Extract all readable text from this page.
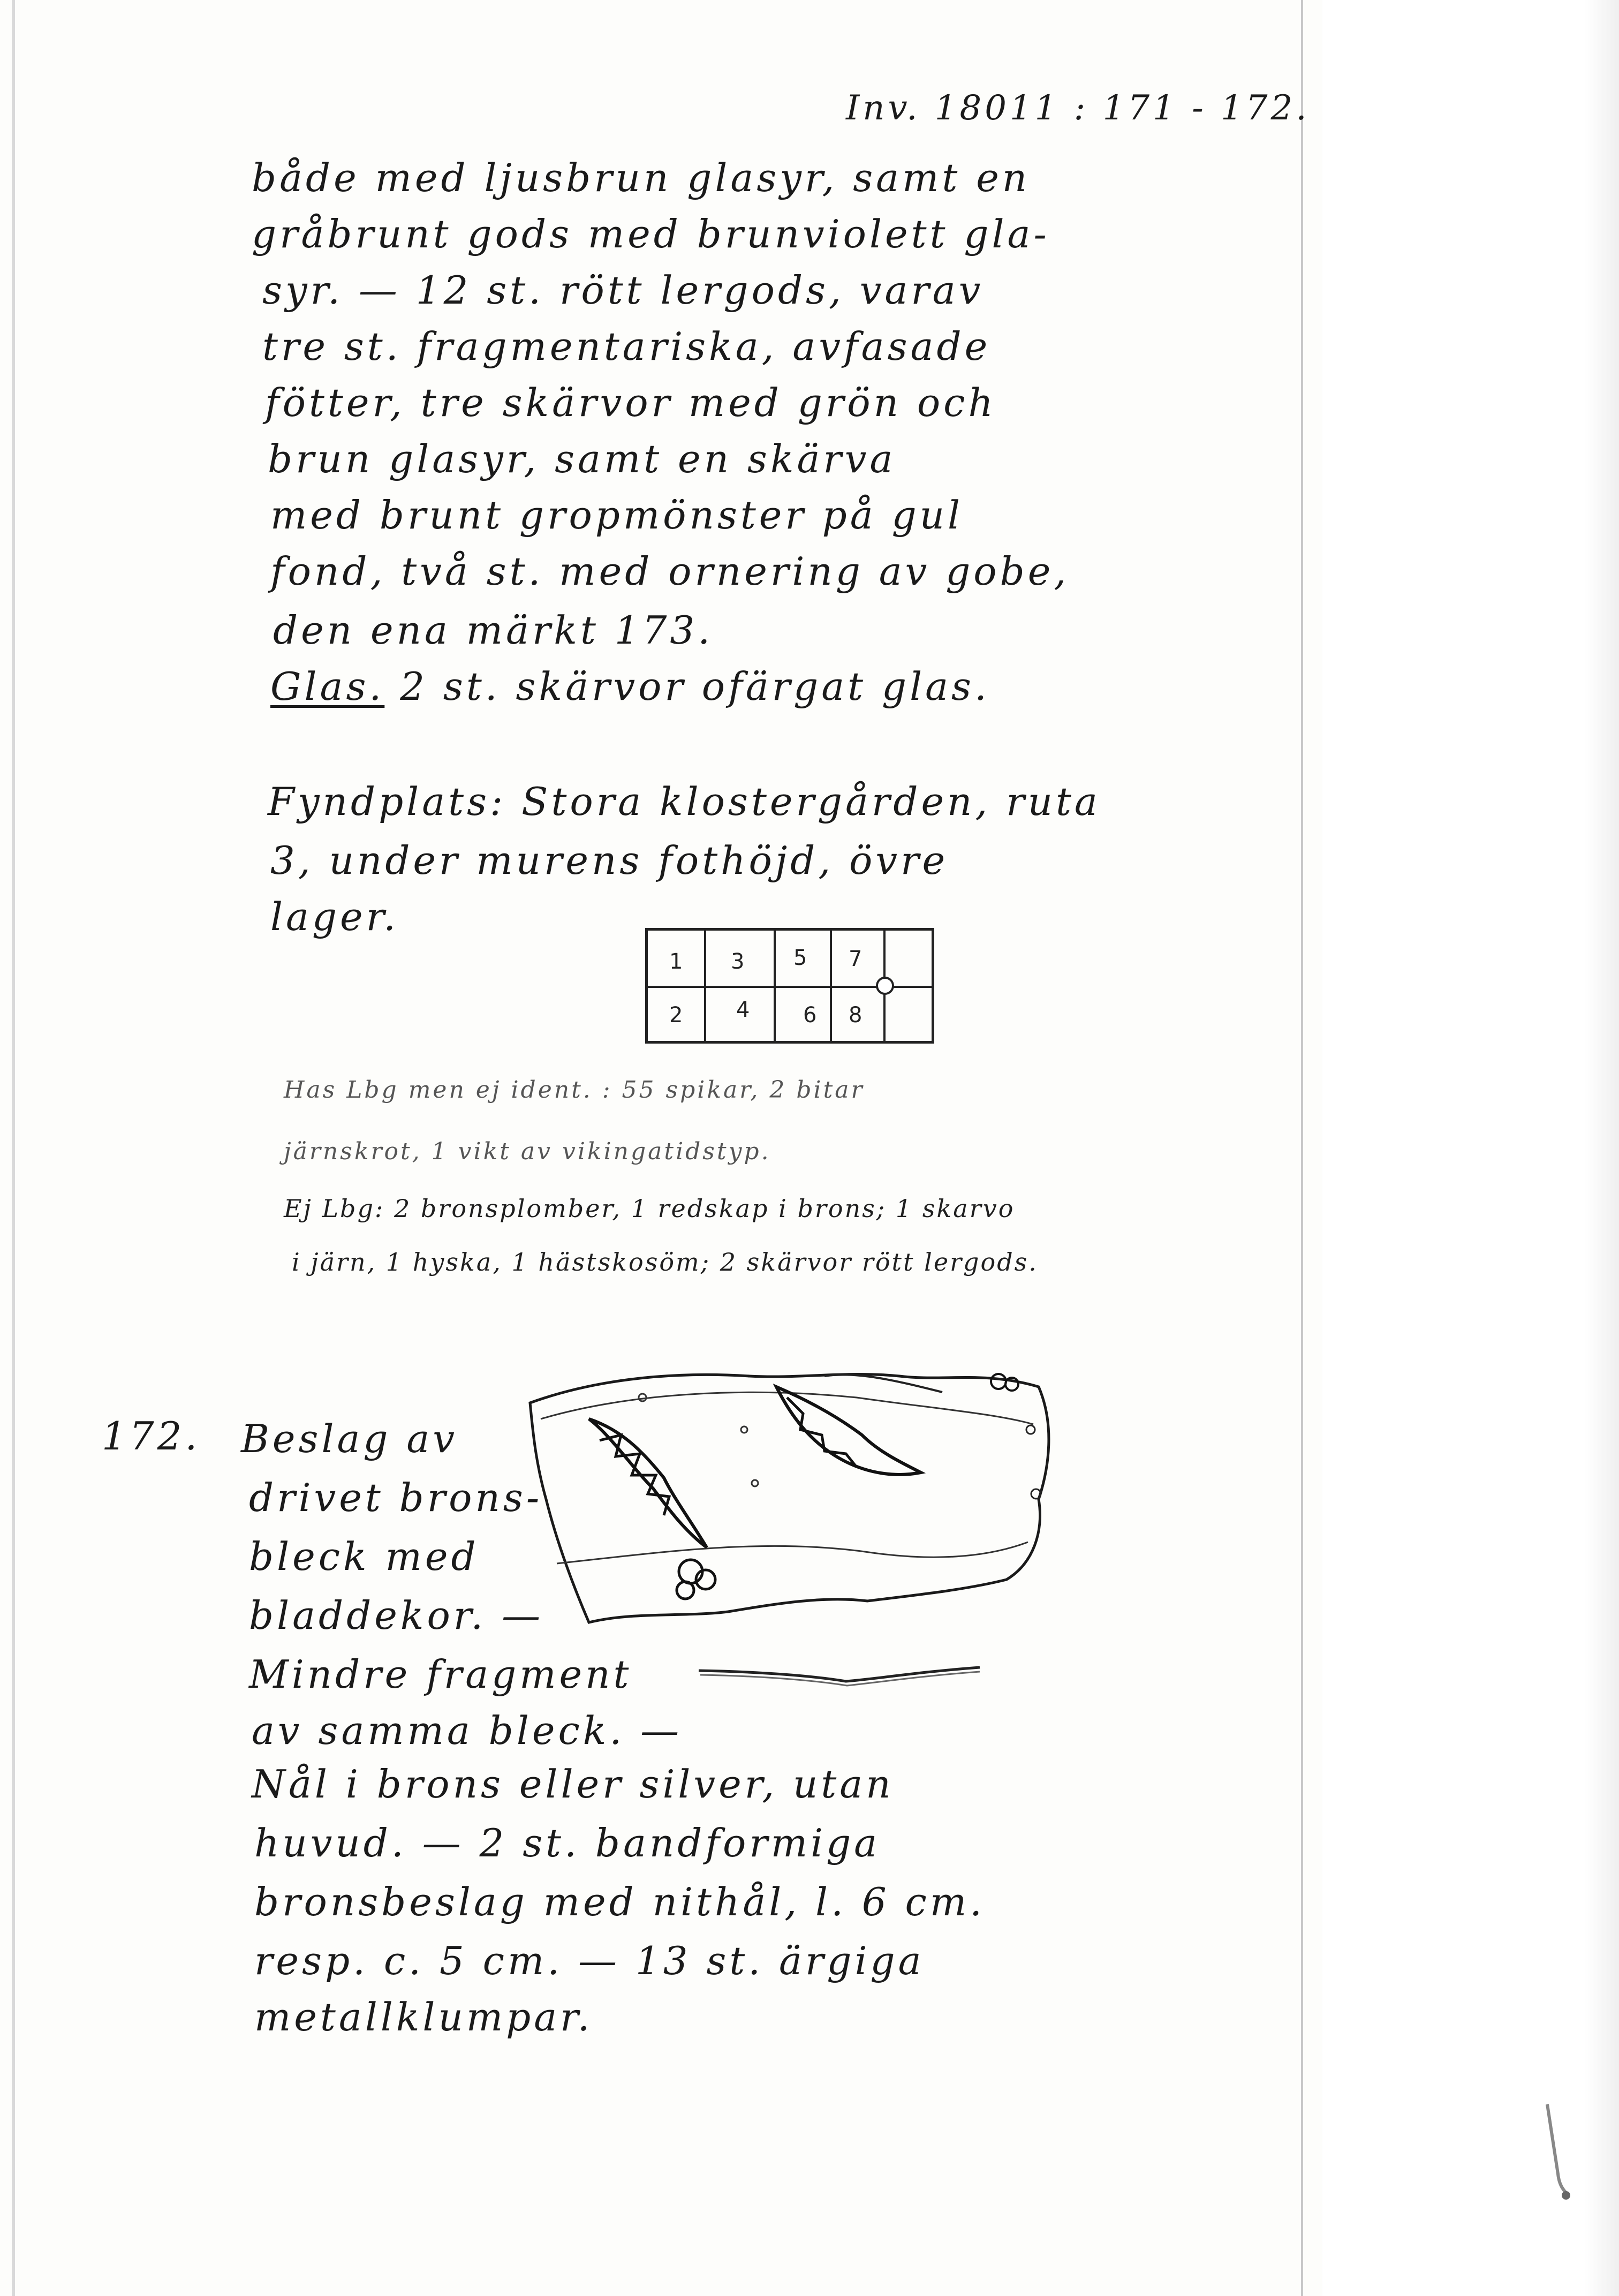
Inv. 18011 : 171 - 172.
både med ljusbrun glasyr, samt en
gråbrunt gods med brunviolett gla-
syr. — 12 st. rött lergods, varav
tre st. fragmentariska, avfasade
fötter, tre skärvor med grön och
brun glasyr, samt en skärva
med brunt gropmönster på gul
fond, två st. med ornering av gobe,
den ena märkt 173.
Glas. 2 st. skärvor ofärgat glas.
Fyndplats: Stora klostergården, ruta
3, under murens fothöjd, övre
lager.
1 3 5 7
2 4 6 8
Has Lbg men ej ident. : 55 spikar, 2 bitar
järnskrot, 1 vikt av vikingatidstyp.
Ej Lbg: 2 bronsplomber, 1 redskap i brons; 1 skarvo
i järn, 1 hyska, 1 hästskosöm; 2 skärvor rött lergods.
172. Beslag av
drivet brons-
bleck med
bladdekor. —
Mindre fragment
av samma bleck. —
Nål i brons eller silver, utan
huvud. — 2 st. bandformiga
bronsbeslag med nithål, l. 6 cm.
resp. c. 5 cm. — 13 st. ärgiga
metallklumpar.
